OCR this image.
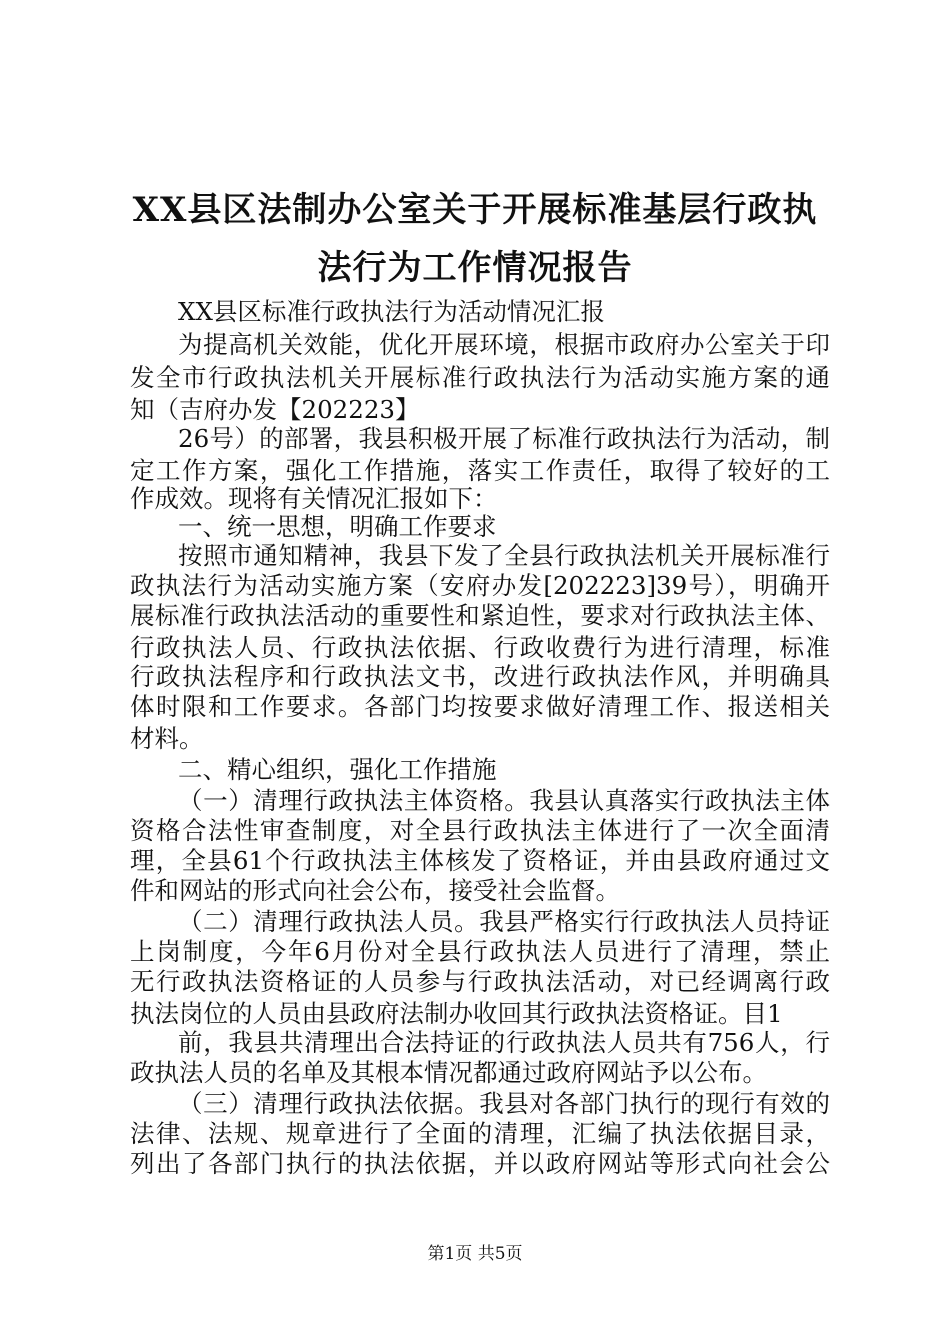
XX县区法制办公室关于开展标准基层行政执
法行为工作情况报告
XX县区标准行政执法行为活动情况汇报
为提高机关效能，优化开展环境，根据市政府办公室关于印
发全市行政执法机关开展标准行政执法行为活动实施方案的通
知（吉府办发【202223】
26号）的部署，我县积极开展了标准行政执法行为活动，制
定工作方案，强化工作措施，落实工作责任，取得了较好的工
作成效。现将有关情况汇报如下：
一、统一思想，明确工作要求
按照市通知精神，我县下发了全县行政执法机关开展标准行
政执法行为活动实施方案（安府办发[202223]39号），明确开
展标准行政执法活动的重要性和紧迫性，要求对行政执法主体、
行政执法人员、行政执法依据、行政收费行为进行清理，标准
行政执法程序和行政执法文书，改进行政执法作风，并明确具
体时限和工作要求。各部门均按要求做好清理工作、报送相关
材料。
二、精心组织，强化工作措施
（一）清理行政执法主体资格。我县认真落实行政执法主体
资格合法性审查制度，对全县行政执法主体进行了一次全面清
理，全县61个行政执法主体核发了资格证，并由县政府通过文
件和网站的形式向社会公布，接受社会监督。
（二）清理行政执法人员。我县严格实行行政执法人员持证
上岗制度，今年6月份对全县行政执法人员进行了清理，禁止
无行政执法资格证的人员参与行政执法活动，对已经调离行政
执法岗位的人员由县政府法制办收回其行政执法资格证。目1
前，我县共清理出合法持证的行政执法人员共有756人，行
政执法人员的名单及其根本情况都通过政府网站予以公布。
（三）清理行政执法依据。我县对各部门执行的现行有效的
法律、法规、规章进行了全面的清理，汇编了执法依据目录，
列出了各部门执行的执法依据，并以政府网站等形式向社会公
第1页 共5页
